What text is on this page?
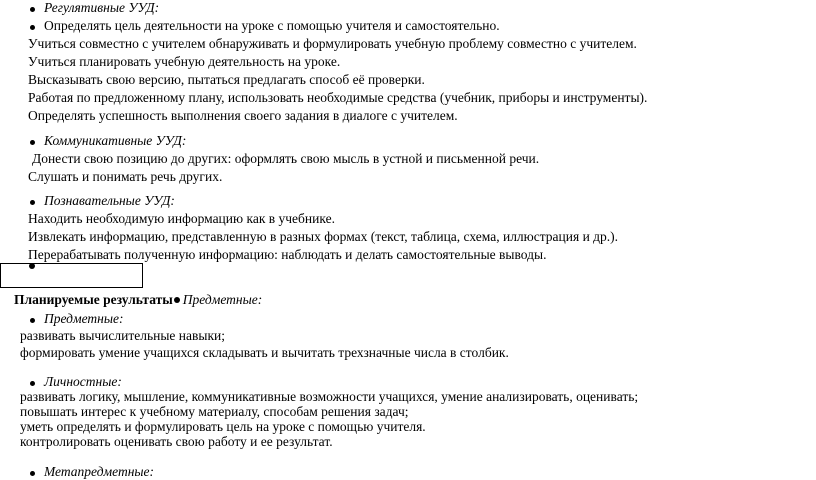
Регулятивные УУД:
Определять цель деятельности на уроке с помощью учителя и самостоятельно.
Учиться совместно с учителем обнаруживать и формулировать учебную проблему совместно с учителем.
Учиться планировать учебную деятельность на уроке.
Высказывать свою версию, пытаться предлагать способ её проверки.
Работая по предложенному плану, использовать необходимые средства (учебник, приборы и инструменты).
Определять успешность выполнения своего задания в диалоге с учителем.
Коммуникативные УУД:
Донести свою позицию до других: оформлять свою мысль в устной и письменной речи.
Слушать и понимать речь других.
Познавательные УУД:
Находить необходимую информацию как в учебнике.
Извлекать информацию, представленную в разных формах (текст, таблица, схема, иллюстрация и др.).
Перерабатывать полученную информацию: наблюдать и делать самостоятельные выводы.
Планируемые результаты Предметные:
Предметные:
развивать вычислительные навыки;
формировать умение учащихся складывать и вычитать трехзначные числа в столбик.
Личностные:
развивать логику, мышление, коммуникативные возможности учащихся, умение анализировать, оценивать;
повышать интерес к учебному материалу, способам решения задач;
уметь определять и формулировать цель на уроке с помощью учителя.
контролировать оценивать свою работу и ее результат.
Метапредметные:
